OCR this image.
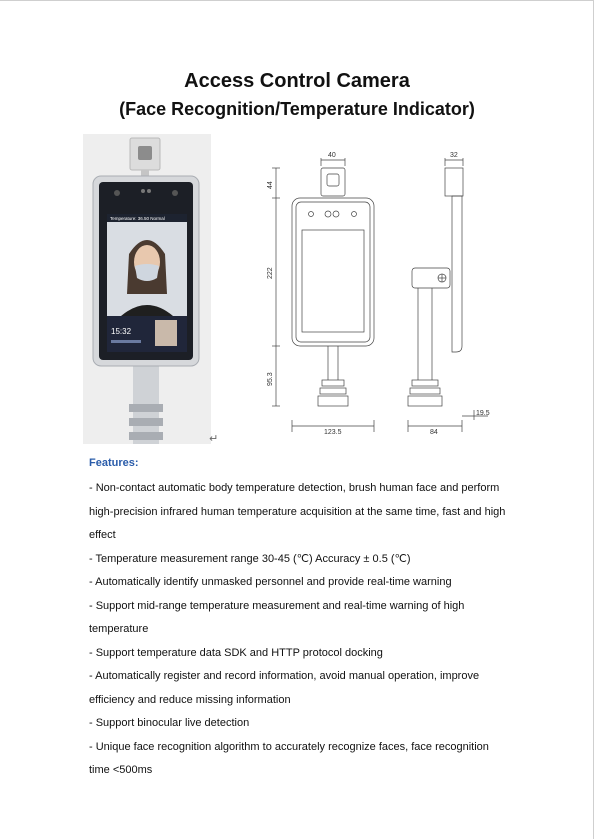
Access Control Camera
(Face Recognition/Temperature Indicator)
Temperature: 36.50 Normal
15:32
↵
40
44
222
95.3
123.5
32
84
19.5
Features:
- Non-contact automatic body temperature detection, brush human face and perform high-precision infrared human temperature acquisition at the same time, fast and high effect
- Temperature measurement range 30-45 (℃) Accuracy ± 0.5 (℃)
- Automatically identify unmasked personnel and provide real-time warning
- Support mid-range temperature measurement and real-time warning of high temperature
- Support temperature data SDK and HTTP protocol docking
- Automatically register and record information, avoid manual operation, improve efficiency and reduce missing information
- Support binocular live detection
- Unique face recognition algorithm to accurately recognize faces, face recognition time <500ms
